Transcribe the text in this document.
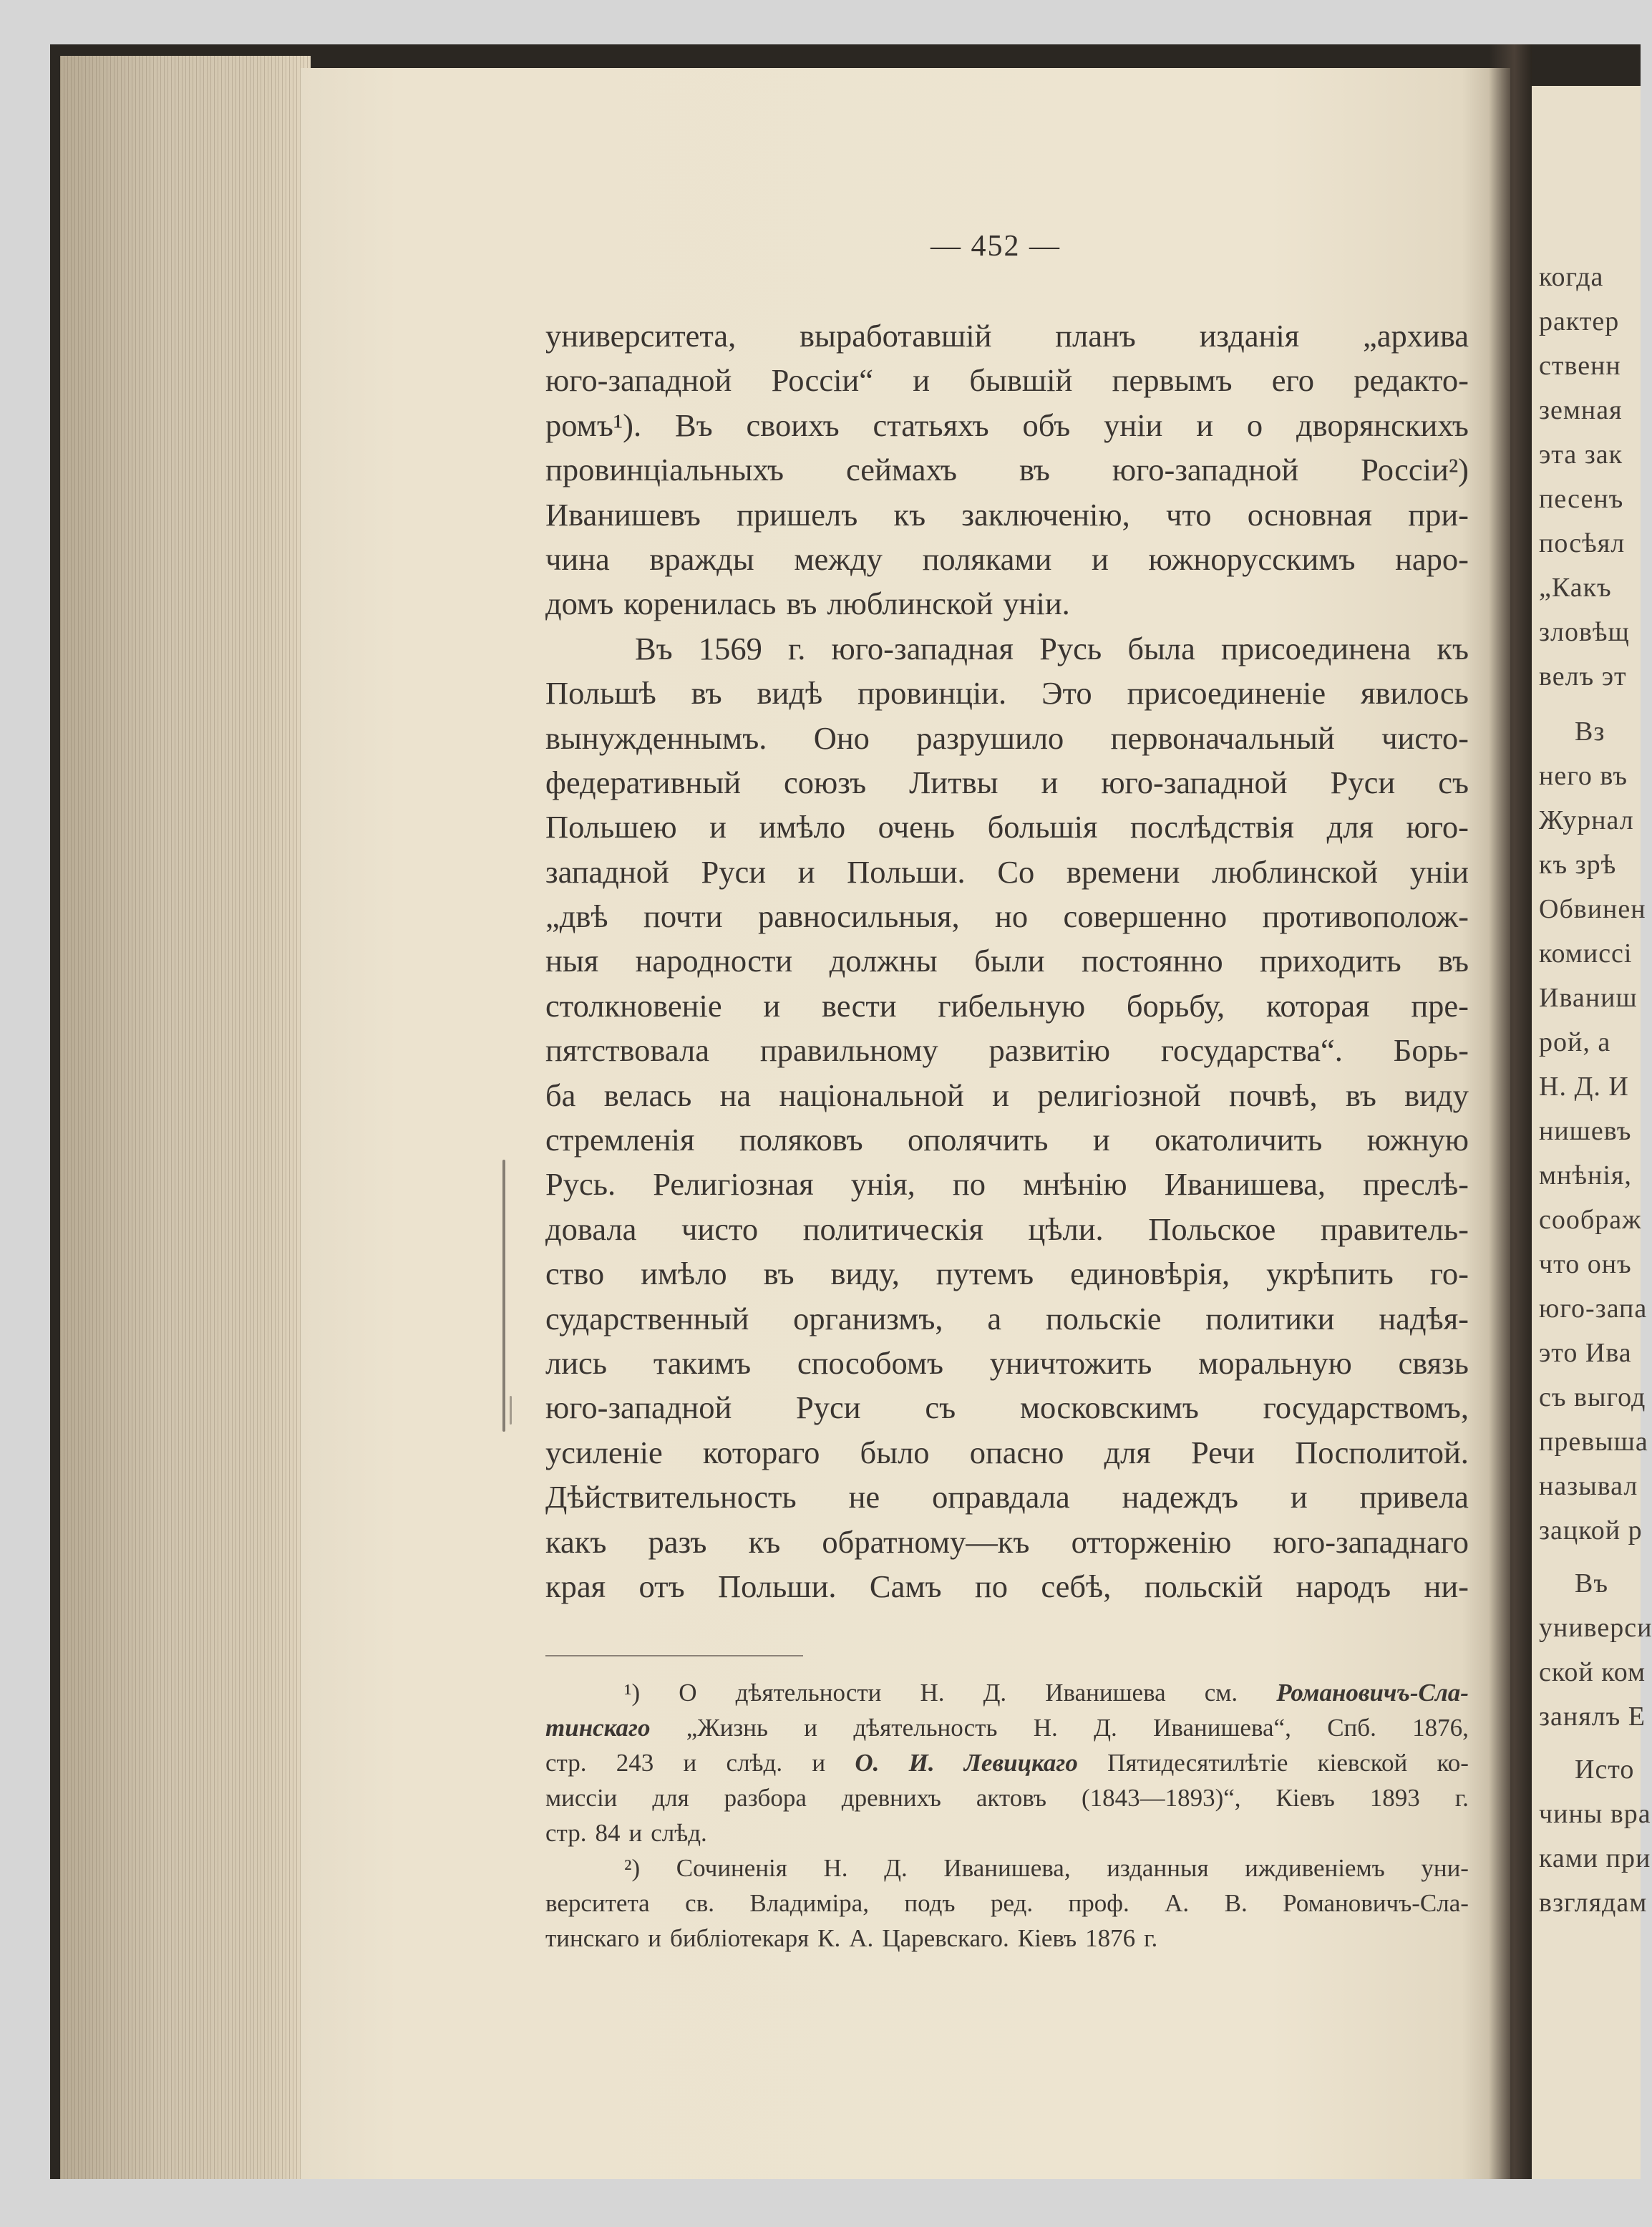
когда
рактер
ственн
земная
эта зак
песенъ
посѣял
„Какъ
зловѣщ
велъ эт
Вз
него въ
Журнал
къ зрѣ
Обвинен
комиссі
Иваниш
рой, а
Н. Д. И
нишевъ
мнѣнія,
соображ
что онъ
юго-запа
это Ива
съ выгод
превыша
называл
зацкой р
Въ
универси
ской ком
занялъ Е
Исто
чины вра
ками при
взглядам
— 452 —
университета, выработавшій планъ изданія „архива
юго-западной Россіи“ и бывшій первымъ его редакто-
ромъ¹). Въ своихъ статьяхъ объ уніи и о дворянскихъ
провинціальныхъ сеймахъ въ юго-западной Россіи²)
Иванишевъ пришелъ къ заключенію, что основная при-
чина вражды между поляками и южнорусскимъ наро-
домъ коренилась въ люблинской уніи.
Въ 1569 г. юго-западная Русь была присоединена къ
Польшѣ въ видѣ провинціи. Это присоединеніе явилось
вынужденнымъ. Оно разрушило первоначальный чисто-
федеративный союзъ Литвы и юго-западной Руси съ
Польшею и имѣло очень большія послѣдствія для юго-
западной Руси и Польши. Со времени люблинской уніи
„двѣ почти равносильныя, но совершенно противополож-
ныя народности должны были постоянно приходить въ
столкновеніе и вести гибельную борьбу, которая пре-
пятствовала правильному развитію государства“. Борь-
ба велась на національной и религіозной почвѣ, въ виду
стремленія поляковъ ополячить и окатоличить южную
Русь. Религіозная унія, по мнѣнію Иванишева, преслѣ-
довала чисто политическія цѣли. Польское правитель-
ство имѣло въ виду, путемъ единовѣрія, укрѣпить го-
сударственный организмъ, а польскіе политики надѣя-
лись такимъ способомъ уничтожить моральную связь
юго-западной Руси съ московскимъ государствомъ,
усиленіе котораго было опасно для Речи Посполитой.
Дѣйствительность не оправдала надеждъ и привела
какъ разъ къ обратному—къ отторженію юго-западнаго
края отъ Польши. Самъ по себѣ, польскій народъ ни-
¹) О дѣятельности Н. Д. Иванишева см. Романовичъ-Сла-
тинскаго „Жизнь и дѣятельность Н. Д. Иванишева“, Спб. 1876,
стр. 243 и слѣд. и О. И. Левицкаго Пятидесятилѣтіе кіевской ко-
миссіи для разбора древнихъ актовъ (1843—1893)“, Кіевъ 1893 г.
стр. 84 и слѣд.
²) Сочиненія Н. Д. Иванишева, изданныя иждивеніемъ уни-
верситета св. Владиміра, подъ ред. проф. А. В. Романовичъ-Сла-
тинскаго и библіотекаря К. А. Царевскаго. Кіевъ 1876 г.
